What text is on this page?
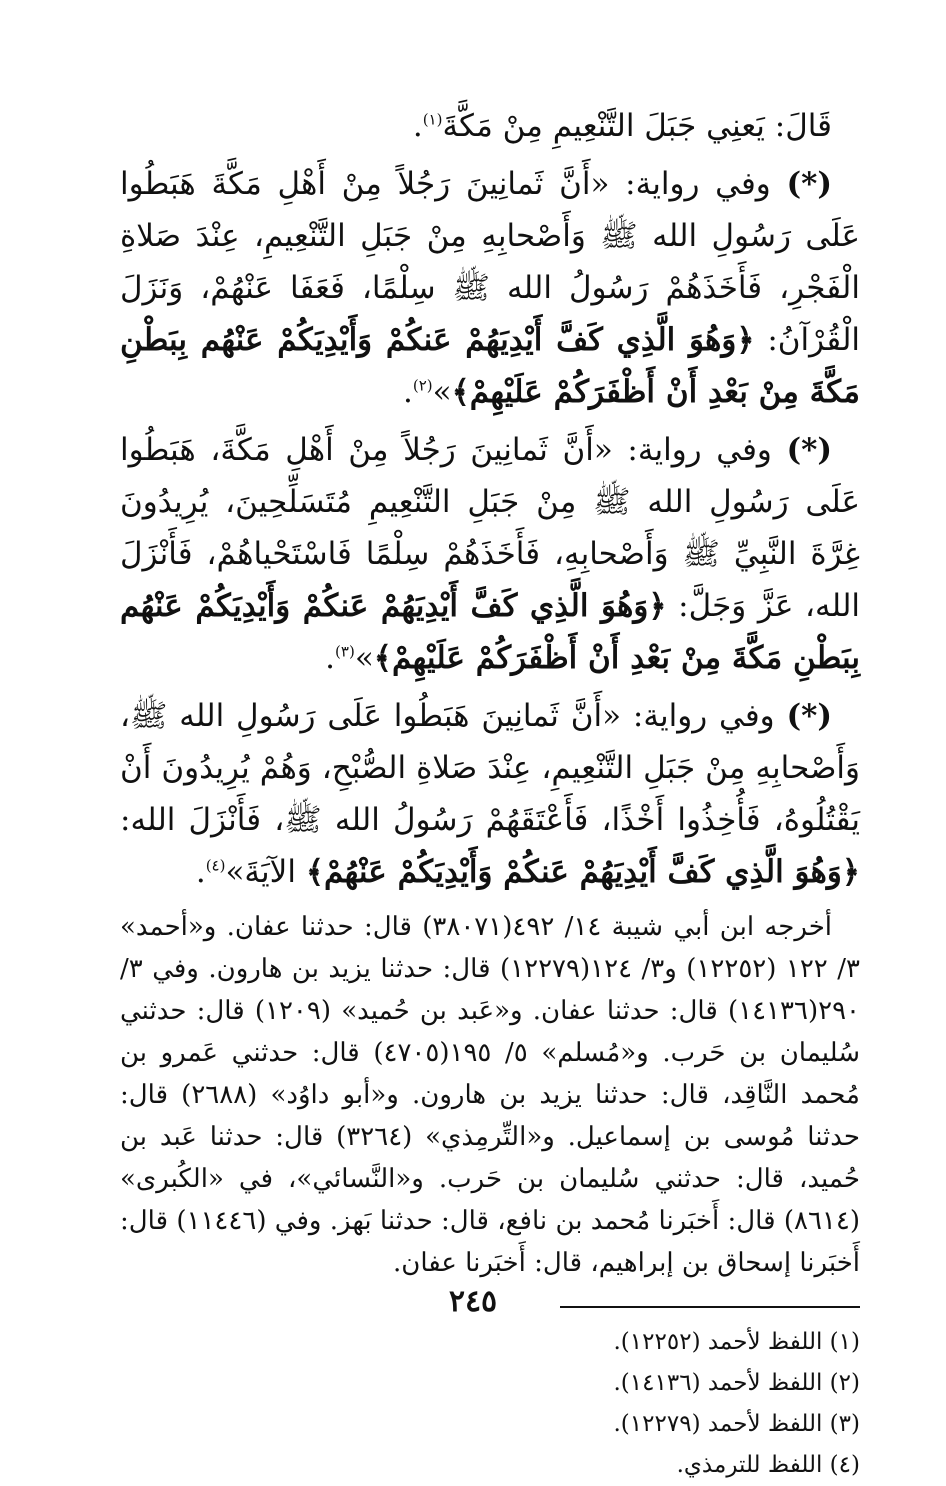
قَالَ: يَعنِي جَبَلَ التَّنْعِيمِ مِنْ مَكَّةَ$^{(١)}$.

(*) وفي رواية: «أَنَّ ثَمانِينَ رَجُلاً مِنْ أَهْلِ مَكَّةَ هَبَطُوا عَلَى رَسُولِ الله ﷺ وَأَصْحابِهِ مِنْ جَبَلِ التَّنْعِيمِ، عِنْدَ صَلاةِ الْفَجْرِ، فَأَخَذَهُمْ رَسُولُ الله ﷺ سِلْمًا، فَعَفَا عَنْهُمْ، وَنَزَلَ الْقُرْآنُ: ﴿وَهُوَ الَّذِي كَفَّ أَيْدِيَهُمْ عَنكُمْ وَأَيْدِيَكُمْ عَنْهُم بِبَطْنِ مَكَّةَ مِنْ بَعْدِ أَنْ أَظْفَرَكُمْ عَلَيْهِمْ﴾»$^{(٢)}$.

(*) وفي رواية: «أَنَّ ثَمانِينَ رَجُلاً مِنْ أَهْلِ مَكَّةَ، هَبَطُوا عَلَى رَسُولِ الله ﷺ مِنْ جَبَلِ التَّنْعِيمِ مُتَسَلِّحِينَ، يُرِيدُونَ غِرَّةَ النَّبِيِّ ﷺ وَأَصْحابِهِ، فَأَخَذَهُمْ سِلْمًا فَاسْتَحْياهُمْ، فَأَنْزَلَ الله، عَزَّ وَجَلَّ: ﴿وَهُوَ الَّذِي كَفَّ أَيْدِيَهُمْ عَنكُمْ وَأَيْدِيَكُمْ عَنْهُم بِبَطْنِ مَكَّةَ مِنْ بَعْدِ أَنْ أَظْفَرَكُمْ عَلَيْهِمْ﴾»$^{(٣)}$.

(*) وفي رواية: «أَنَّ ثَمانِينَ هَبَطُوا عَلَى رَسُولِ الله ﷺ، وَأَصْحابِهِ مِنْ جَبَلِ التَّنْعِيمِ، عِنْدَ صَلاةِ الصُّبْحِ، وَهُمْ يُرِيدُونَ أَنْ يَقْتُلُوهُ، فَأُخِذُوا أَخْذًا، فَأَعْتَقَهُمْ رَسُولُ الله ﷺ، فَأَنْزَلَ الله: ﴿وَهُوَ الَّذِي كَفَّ أَيْدِيَهُمْ عَنكُمْ وَأَيْدِيَكُمْ عَنْهُمْ﴾ الآيَةَ»$^{(٤)}$.

أخرجه ابن أبي شيبة ١٤/ ٤٩٢(٣٨٠٧١) قال: حدثنا عفان. و«أحمد» ٣/ ١٢٢ (١٢٢٥٢) و٣/ ١٢٤(١٢٢٧٩) قال: حدثنا يزيد بن هارون. وفي ٣/ ٢٩٠(١٤١٣٦) قال: حدثنا عفان. و«عَبد بن حُميد» (١٢٠٩) قال: حدثني سُليمان بن حَرب. و«مُسلم» ٥/ ١٩٥(٤٧٠٥) قال: حدثني عَمرو بن مُحمد النَّاقِد، قال: حدثنا يزيد بن هارون. و«أبو داوُد» (٢٦٨٨) قال: حدثنا مُوسى بن إسماعيل. و«التِّرمِذي» (٣٢٦٤) قال: حدثنا عَبد بن حُميد، قال: حدثني سُليمان بن حَرب. و«النَّسائي»، في «الكُبرى» (٨٦١٤) قال: أَخبَرنا مُحمد بن نافع، قال: حدثنا بَهز. وفي (١١٤٤٦) قال: أَخبَرنا إسحاق بن إبراهيم، قال: أَخبَرنا عفان.

(١) اللفظ لأحمد (١٢٢٥٢).
(٢) اللفظ لأحمد (١٤١٣٦).
(٣) اللفظ لأحمد (١٢٢٧٩).
(٤) اللفظ للترمذي.
٢٤٥
